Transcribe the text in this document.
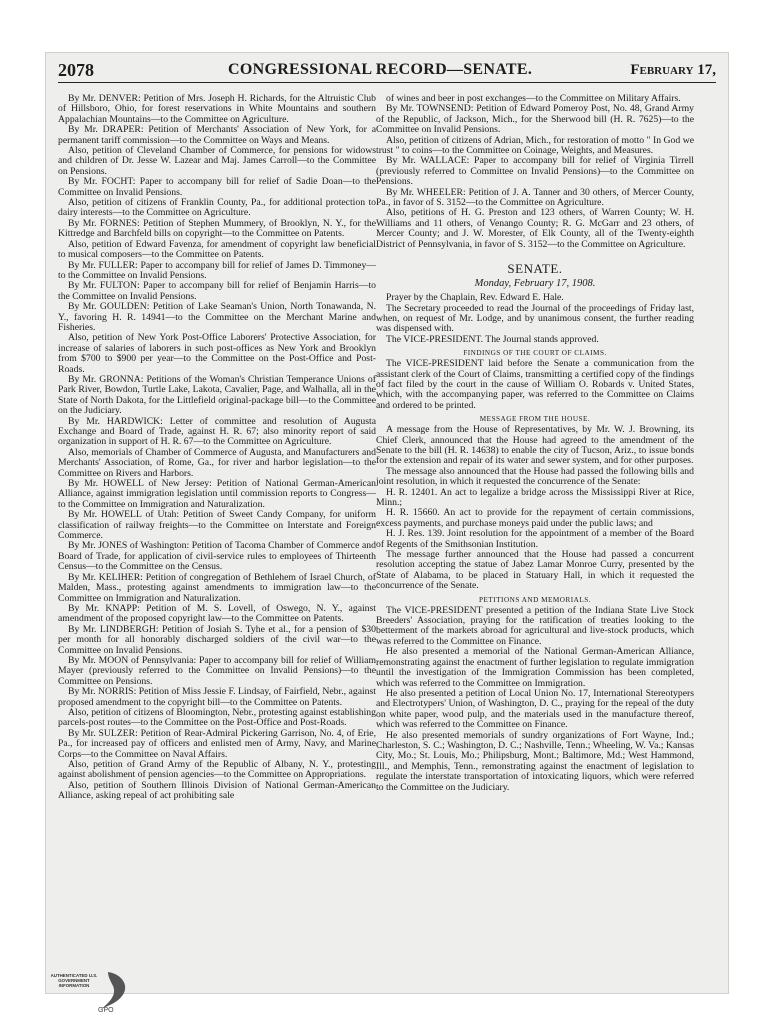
2078	CONGRESSIONAL RECORD—SENATE.	February 17,

By Mr. DENVER: Petition of Mrs. Joseph H. Richards, for the Altruistic Club of Hillsboro, Ohio, for forest reservations in White Mountains and southern Appalachian Mountains—to the Committee on Agriculture.

By Mr. DRAPER: Petition of Merchants' Association of New York, for a permanent tariff commission—to the Committee on Ways and Means.

Also, petition of Cleveland Chamber of Commerce, for pensions for widows and children of Dr. Jesse W. Lazear and Maj. James Carroll—to the Committee on Pensions.

By Mr. FOCHT: Paper to accompany bill for relief of Sadie Doan—to the Committee on Invalid Pensions.

Also, petition of citizens of Franklin County, Pa., for additional protection to dairy interests—to the Committee on Agriculture.

By Mr. FORNES: Petition of Stephen Mummery, of Brooklyn, N. Y., for the Kittredge and Barchfeld bills on copyright—to the Committee on Patents.

Also, petition of Edward Favenza, for amendment of copyright law beneficial to musical composers—to the Committee on Patents.

By Mr. FULLER: Paper to accompany bill for relief of James D. Timmoney—to the Committee on Invalid Pensions.

By Mr. FULTON: Paper to accompany bill for relief of Benjamin Harris—to the Committee on Invalid Pensions.

By Mr. GOULDEN: Petition of Lake Seaman's Union, North Tonawanda, N. Y., favoring H. R. 14941—to the Committee on the Merchant Marine and Fisheries.

Also, petition of New York Post-Office Laborers' Protective Association, for increase of salaries of laborers in such post-offices as New York and Brooklyn from $700 to $900 per year—to the Committee on the Post-Office and Post-Roads.

By Mr. GRONNA: Petitions of the Woman's Christian Temperance Unions of Park River, Bowdon, Turtle Lake, Lakota, Cavalier, Page, and Walhalla, all in the State of North Dakota, for the Littlefield original-package bill—to the Committee on the Judiciary.

By Mr. HARDWICK: Letter of committee and resolution of Augusta Exchange and Board of Trade, against H. R. 67; also minority report of said organization in support of H. R. 67—to the Committee on Agriculture.

Also, memorials of Chamber of Commerce of Augusta, and Manufacturers and Merchants' Association, of Rome, Ga., for river and harbor legislation—to the Committee on Rivers and Harbors.

By Mr. HOWELL of New Jersey: Petition of National German-American Alliance, against immigration legislation until commission reports to Congress—to the Committee on Immigration and Naturalization.

By Mr. HOWELL of Utah: Petition of Sweet Candy Company, for uniform classification of railway freights—to the Committee on Interstate and Foreign Commerce.

By Mr. JONES of Washington: Petition of Tacoma Chamber of Commerce and Board of Trade, for application of civil-service rules to employees of Thirteenth Census—to the Committee on the Census.

By Mr. KELIHER: Petition of congregation of Bethlehem of Israel Church, of Malden, Mass., protesting against amendments to immigration law—to the Committee on Immigration and Naturalization.

By Mr. KNAPP: Petition of M. S. Lovell, of Oswego, N. Y., against amendment of the proposed copyright law—to the Committee on Patents.

By Mr. LINDBERGH: Petition of Josiah S. Tyhe et al., for a pension of $30 per month for all honorably discharged soldiers of the civil war—to the Committee on Invalid Pensions.

By Mr. MOON of Pennsylvania: Paper to accompany bill for relief of William Mayer (previously referred to the Committee on Invalid Pensions)—to the Committee on Pensions.

By Mr. NORRIS: Petition of Miss Jessie F. Lindsay, of Fairfield, Nebr., against proposed amendment to the copyright bill—to the Committee on Patents.

Also, petition of citizens of Bloomington, Nebr., protesting against establishing parcels-post routes—to the Committee on the Post-Office and Post-Roads.

By Mr. SULZER: Petition of Rear-Admiral Pickering Garrison, No. 4, of Erie, Pa., for increased pay of officers and enlisted men of Army, Navy, and Marine Corps—to the Committee on Naval Affairs.

Also, petition of Grand Army of the Republic of Albany, N. Y., protesting against abolishment of pension agencies—to the Committee on Appropriations.

Also, petition of Southern Illinois Division of National German-American Alliance, asking repeal of act prohibiting sale

of wines and beer in post exchanges—to the Committee on Military Affairs.

By Mr. TOWNSEND: Petition of Edward Pomeroy Post, No. 48, Grand Army of the Republic, of Jackson, Mich., for the Sherwood bill (H. R. 7625)—to the Committee on Invalid Pensions.

Also, petition of citizens of Adrian, Mich., for restoration of motto " In God we trust " to coins—to the Committee on Coinage, Weights, and Measures.

By Mr. WALLACE: Paper to accompany bill for relief of Virginia Tirrell (previously referred to Committee on Invalid Pensions)—to the Committee on Pensions.

By Mr. WHEELER: Petition of J. A. Tanner and 30 others, of Mercer County, Pa., in favor of S. 3152—to the Committee on Agriculture.

Also, petitions of H. G. Preston and 123 others, of Warren County; W. H. Williams and 11 others, of Venango County; R. G. McGarr and 23 others, of Mercer County; and J. W. Morester, of Elk County, all of the Twenty-eighth District of Pennsylvania, in favor of S. 3152—to the Committee on Agriculture.

SENATE.

Monday, February 17, 1908.

Prayer by the Chaplain, Rev. Edward E. Hale.

The Secretary proceeded to read the Journal of the proceedings of Friday last, when, on request of Mr. Lodge, and by unanimous consent, the further reading was dispensed with.

The VICE-PRESIDENT. The Journal stands approved.

FINDINGS OF THE COURT OF CLAIMS.

The VICE-PRESIDENT laid before the Senate a communication from the assistant clerk of the Court of Claims, transmitting a certified copy of the findings of fact filed by the court in the cause of William O. Robards v. United States, which, with the accompanying paper, was referred to the Committee on Claims and ordered to be printed.

MESSAGE FROM THE HOUSE.

A message from the House of Representatives, by Mr. W. J. Browning, its Chief Clerk, announced that the House had agreed to the amendment of the Senate to the bill (H. R. 14638) to enable the city of Tucson, Ariz., to issue bonds for the extension and repair of its water and sewer system, and for other purposes.

The message also announced that the House had passed the following bills and joint resolution, in which it requested the concurrence of the Senate:

H. R. 12401. An act to legalize a bridge across the Mississippi River at Rice, Minn.;

H. R. 15660. An act to provide for the repayment of certain commissions, excess payments, and purchase moneys paid under the public laws; and

H. J. Res. 139. Joint resolution for the appointment of a member of the Board of Regents of the Smithsonian Institution.

The message further announced that the House had passed a concurrent resolution accepting the statue of Jabez Lamar Monroe Curry, presented by the State of Alabama, to be placed in Statuary Hall, in which it requested the concurrence of the Senate.

PETITIONS AND MEMORIALS.

The VICE-PRESIDENT presented a petition of the Indiana State Live Stock Breeders' Association, praying for the ratification of treaties looking to the betterment of the markets abroad for agricultural and live-stock products, which was referred to the Committee on Finance.

He also presented a memorial of the National German-American Alliance, remonstrating against the enactment of further legislation to regulate immigration until the investigation of the Immigration Commission has been completed, which was referred to the Committee on Immigration.

He also presented a petition of Local Union No. 17, International Stereotypers and Electrotypers' Union, of Washington, D. C., praying for the repeal of the duty on white paper, wood pulp, and the materials used in the manufacture thereof, which was referred to the Committee on Finance.

He also presented memorials of sundry organizations of Fort Wayne, Ind.; Charleston, S. C.; Washington, D. C.; Nashville, Tenn.; Wheeling, W. Va.; Kansas City, Mo.; St. Louis, Mo.; Philipsburg, Mont.; Baltimore, Md.; West Hammond, Ill., and Memphis, Tenn., remonstrating against the enactment of legislation to regulate the interstate transportation of intoxicating liquors, which were referred to the Committee on the Judiciary.

GPO
AUTHENTICATED U.S. GOVERNMENT INFORMATION
